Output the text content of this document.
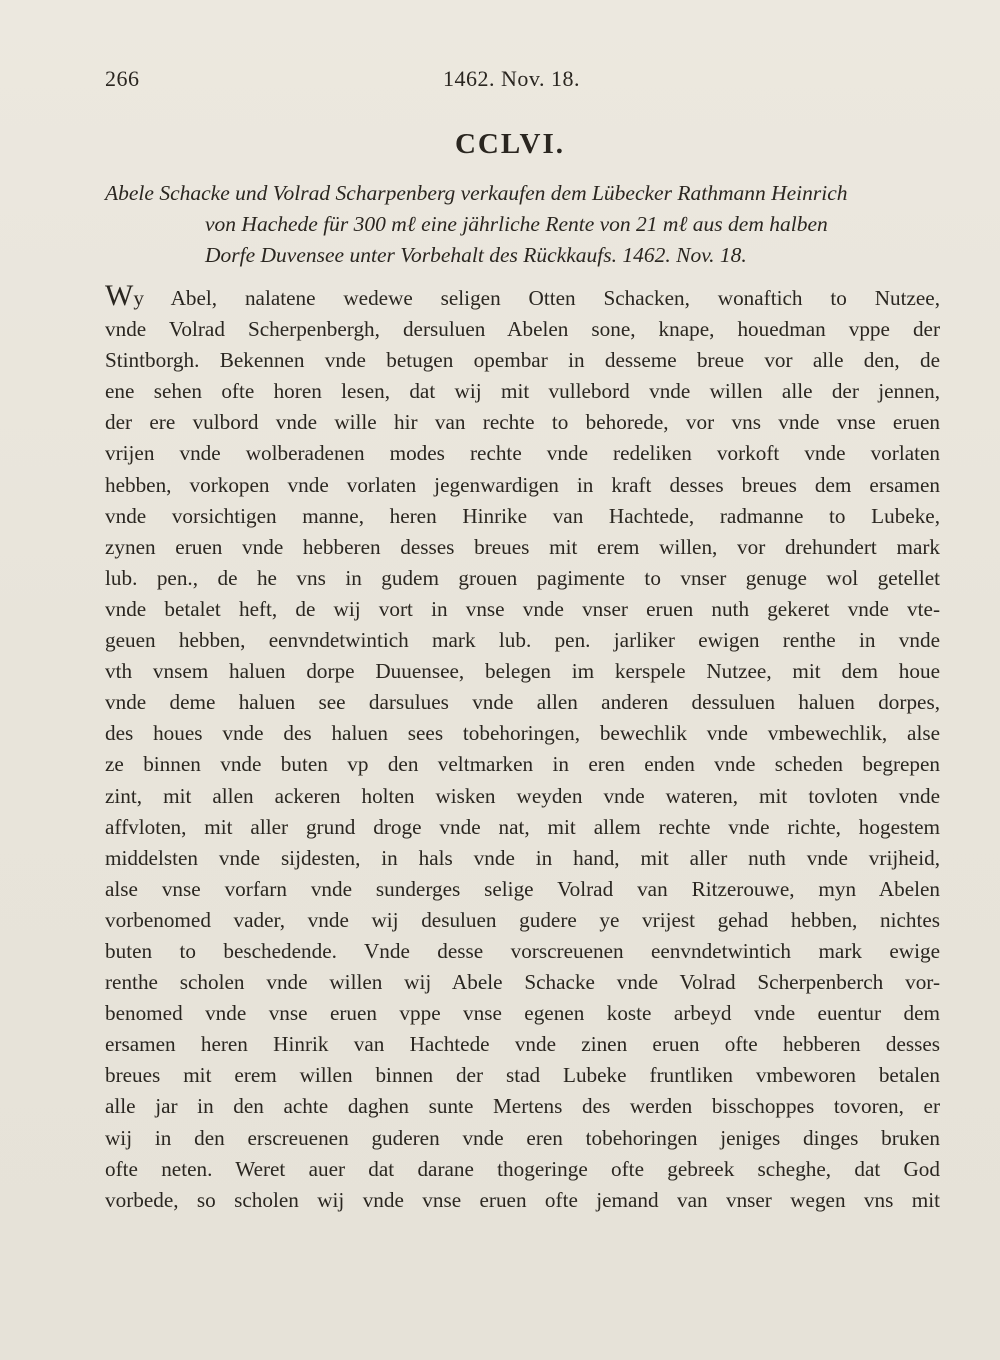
266	1462. Nov. 18.
CCLVI.
Abele Schacke und Volrad Scharpenberg verkaufen dem Lübecker Rathmann Heinrich
von Hachede für 300 mℓ eine jährliche Rente von 21 mℓ aus dem halben
Dorfe Duvensee unter Vorbehalt des Rückkaufs. 1462. Nov. 18.
Wy Abel, nalatene wedewe seligen Otten Schacken, wonaftich to Nutzee,
vnde Volrad Scherpenbergh, dersuluen Abelen sone, knape, houedman vppe der
Stintborgh. Bekennen vnde betugen opembar in desseme breue vor alle den, de
ene sehen ofte horen lesen, dat wij mit vullebord vnde willen alle der jennen,
der ere vulbord vnde wille hir van rechte to behorede, vor vns vnde vnse eruen
vrijen vnde wolberadenen modes rechte vnde redeliken vorkoft vnde vorlaten
hebben, vorkopen vnde vorlaten jegenwardigen in kraft desses breues dem ersamen
vnde vorsichtigen manne, heren Hinrike van Hachtede, radmanne to Lubeke,
zynen eruen vnde hebberen desses breues mit erem willen, vor drehundert mark
lub. pen., de he vns in gudem grouen pagimente to vnser genuge wol getellet
vnde betalet heft, de wij vort in vnse vnde vnser eruen nuth gekeret vnde vte-
geuen hebben, eenvndetwintich mark lub. pen. jarliker ewigen renthe in vnde
vth vnsem haluen dorpe Duuensee, belegen im kerspele Nutzee, mit dem houe
vnde deme haluen see darsulues vnde allen anderen dessuluen haluen dorpes,
des houes vnde des haluen sees tobehoringen, bewechlik vnde vmbewechlik, alse
ze binnen vnde buten vp den veltmarken in eren enden vnde scheden begrepen
zint, mit allen ackeren holten wisken weyden vnde wateren, mit tovloten vnde
affvloten, mit aller grund droge vnde nat, mit allem rechte vnde richte, hogestem
middelsten vnde sijdesten, in hals vnde in hand, mit aller nuth vnde vrijheid,
alse vnse vorfarn vnde sunderges selige Volrad van Ritzerouwe, myn Abelen
vorbenomed vader, vnde wij desuluen gudere ye vrijest gehad hebben, nichtes
buten to beschedende. Vnde desse vorscreuenen eenvndetwintich mark ewige
renthe scholen vnde willen wij Abele Schacke vnde Volrad Scherpenberch vor-
benomed vnde vnse eruen vppe vnse egenen koste arbeyd vnde euentur dem
ersamen heren Hinrik van Hachtede vnde zinen eruen ofte hebberen desses
breues mit erem willen binnen der stad Lubeke fruntliken vmbeworen betalen
alle jar in den achte daghen sunte Mertens des werden bisschoppes tovoren, er
wij in den erscreuenen guderen vnde eren tobehoringen jeniges dinges bruken
ofte neten. Weret auer dat darane thogeringe ofte gebreek scheghe, dat God
vorbede, so scholen wij vnde vnse eruen ofte jemand van vnser wegen vns mit
